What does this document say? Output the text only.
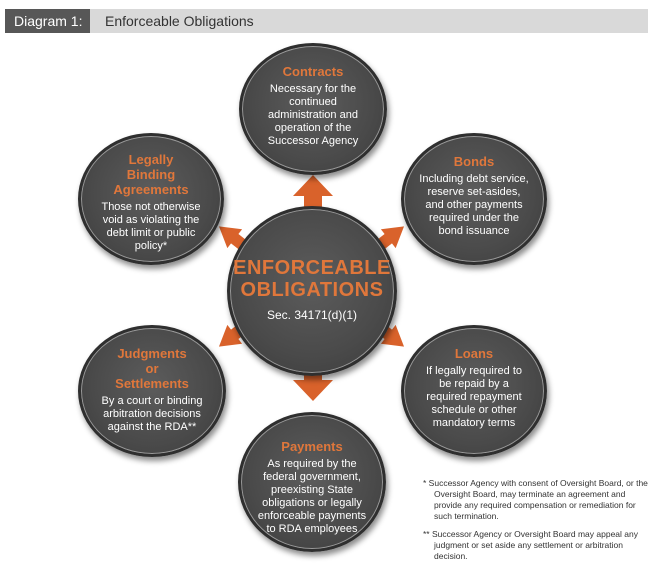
Diagram 1:	Enforceable Obligations
Contracts
Necessary for the continued administration and operation of the Successor Agency
Bonds
Including debt service, reserve set-asides, and other payments required under the bond issuance
Legally Binding Agreements
Those not otherwise void as violating the debt limit or public policy*
ENFORCEABLE OBLIGATIONS
Sec. 34171(d)(1)
Judgments or Settlements
By a court or binding arbitration decisions against the RDA**
Loans
If legally required to be repaid by a required repayment schedule or other mandatory terms
Payments
As required by the federal government, preexisting State obligations or legally enforceable payments to RDA employees
* Successor Agency with consent of Oversight Board, or the Oversight Board, may terminate an agreement and provide any required compensation or remediation for such termination.
** Successor Agency or Oversight Board may appeal any judgment or set aside any settlement or arbitration decision.
